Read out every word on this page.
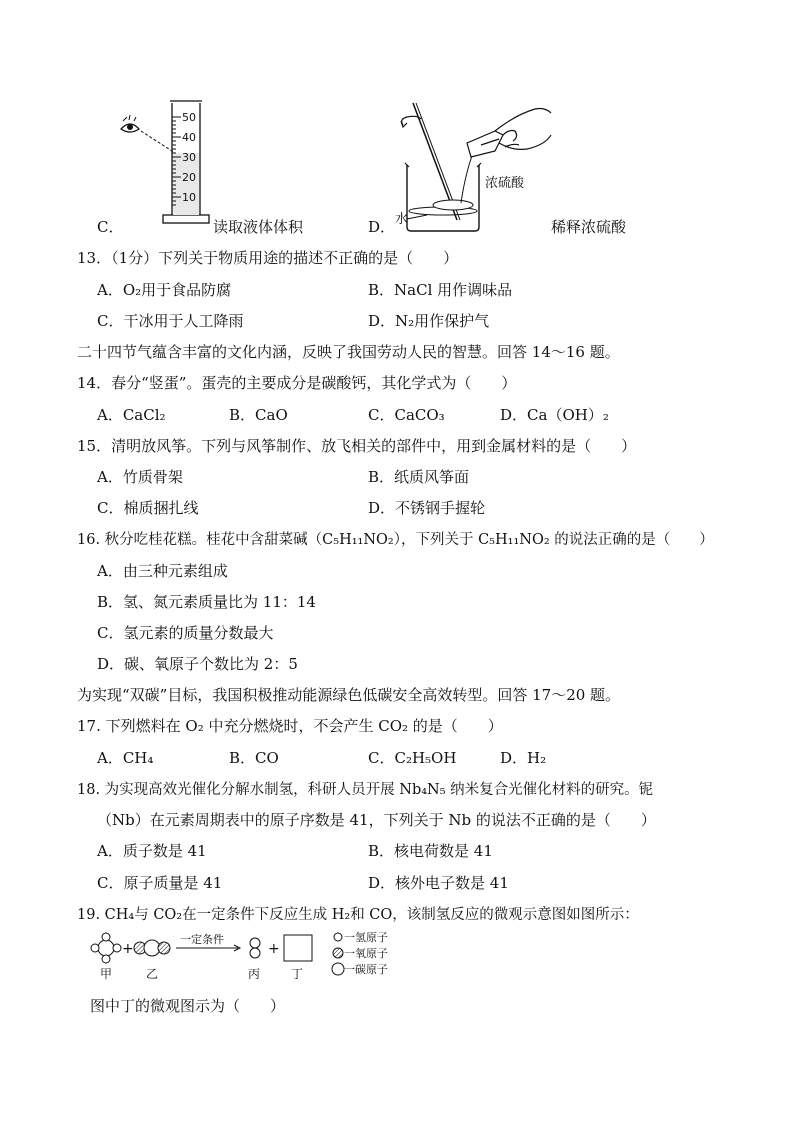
50
40
30
20
10
浓硫酸
水
C．	读取液体体积	D．	稀释浓硫酸
13．（1分）下列关于物质用途的描述不正确的是（　　）
A．O₂用于食品防腐	B．NaCl 用作调味品
C．干冰用于人工降雨	D．N₂用作保护气
二十四节气蕴含丰富的文化内涵，反映了我国劳动人民的智慧。回答 14～16 题。
14．春分“竖蛋”。蛋壳的主要成分是碳酸钙，其化学式为（　　）
A．CaCl₂	B．CaO	C．CaCO₃	D．Ca（OH）₂
15．清明放风筝。下列与风筝制作、放飞相关的部件中，用到金属材料的是（　　）
A．竹质骨架	B．纸质风筝面
C．棉质捆扎线	D．不锈钢手握轮
16. 秋分吃桂花糕。桂花中含甜菜碱（C₅H₁₁NO₂），下列关于 C₅H₁₁NO₂ 的说法正确的是（　　）
A．由三种元素组成
B．氢、氮元素质量比为 11：14
C．氢元素的质量分数最大
D．碳、氧原子个数比为 2：5
为实现“双碳”目标，我国积极推动能源绿色低碳安全高效转型。回答 17～20 题。
17. 下列燃料在 O₂ 中充分燃烧时，不会产生 CO₂ 的是（　　）
A．CH₄	B．CO	C．C₂H₅OH	D．H₂
18. 为实现高效光催化分解水制氢，科研人员开展 Nb₄N₅ 纳米复合光催化材料的研究。铌
（Nb）在元素周期表中的原子序数是 41，下列关于 Nb 的说法不正确的是（　　）
A．质子数是 41	B．核电荷数是 41
C．原子质量是 41	D．核外电子数是 41
19. CH₄与 CO₂在一定条件下反应生成 H₂和 CO，该制氢反应的微观示意图如图所示：
+
一定条件
+
一氢原子
一氧原子
一碳原子
甲	乙	丙	丁
图中丁的微观图示为（　　）
